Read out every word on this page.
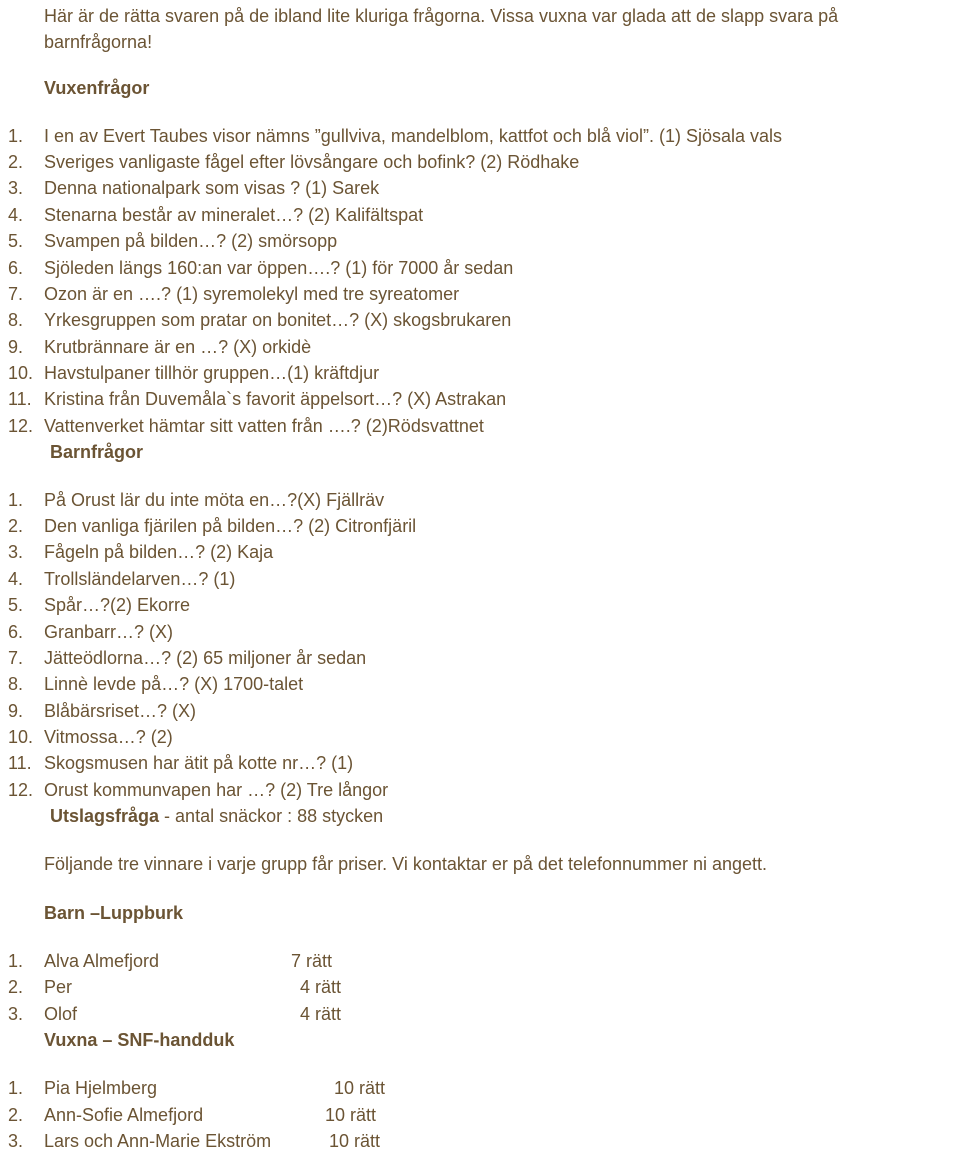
Här är de rätta svaren på de ibland lite kluriga frågorna. Vissa vuxna var glada att de slapp svara på
barnfrågorna!
Vuxenfrågor
1.	I en av Evert Taubes visor nämns ”gullviva, mandelblom, kattfot och blå viol”. (1) Sjösala vals
2.	Sveriges vanligaste fågel efter lövsångare och bofink? (2) Rödhake
3.	Denna nationalpark som visas ? (1) Sarek
4.	Stenarna består av mineralet…? (2) Kalifältspat
5.	Svampen på bilden…? (2) smörsopp
6.	Sjöleden längs 160:an var öppen….? (1) för 7000 år sedan
7.	Ozon är en ….? (1) syremolekyl med tre syreatomer
8.	Yrkesgruppen som pratar on bonitet…? (X) skogsbrukaren
9.	Krutbrännare är en …? (X) orkidè
10. Havstulpaner tillhör gruppen…(1) kräftdjur
11. Kristina från Duvemåla`s favorit äppelsort…? (X) Astrakan
12. Vattenverket hämtar sitt vatten från ….? (2)Rödsvattnet
Barnfrågor
1.	På Orust lär du inte möta en…?(X) Fjällräv
2.	Den vanliga fjärilen på bilden…? (2) Citronfjäril
3.	Fågeln på bilden…? (2) Kaja
4.	Trollsländelarven…? (1)
5.	Spår…?(2) Ekorre
6.	Granbarr…? (X)
7.	Jätteödlorna…? (2) 65 miljoner år sedan
8.	Linnè levde på…? (X) 1700-talet
9.	Blåbärsriset…? (X)
10. Vitmossa…? (2)
11. Skogsmusen har ätit på kotte nr…? (1)
12. Orust kommunvapen har …? (2) Tre långor
Utslagsfråga - antal snäckor : 88 stycken
Följande tre vinnare i varje grupp får priser. Vi kontaktar er på det telefonnummer ni angett.
Barn –Luppburk
1.	Alva Almefjord	7 rätt
2.	Per	4 rätt
3.	Olof	4 rätt
Vuxna – SNF-handduk
1.	Pia Hjelmberg	10 rätt
2.	Ann-Sofie Almefjord	10 rätt
3.	Lars och Ann-Marie Ekström	10 rätt
